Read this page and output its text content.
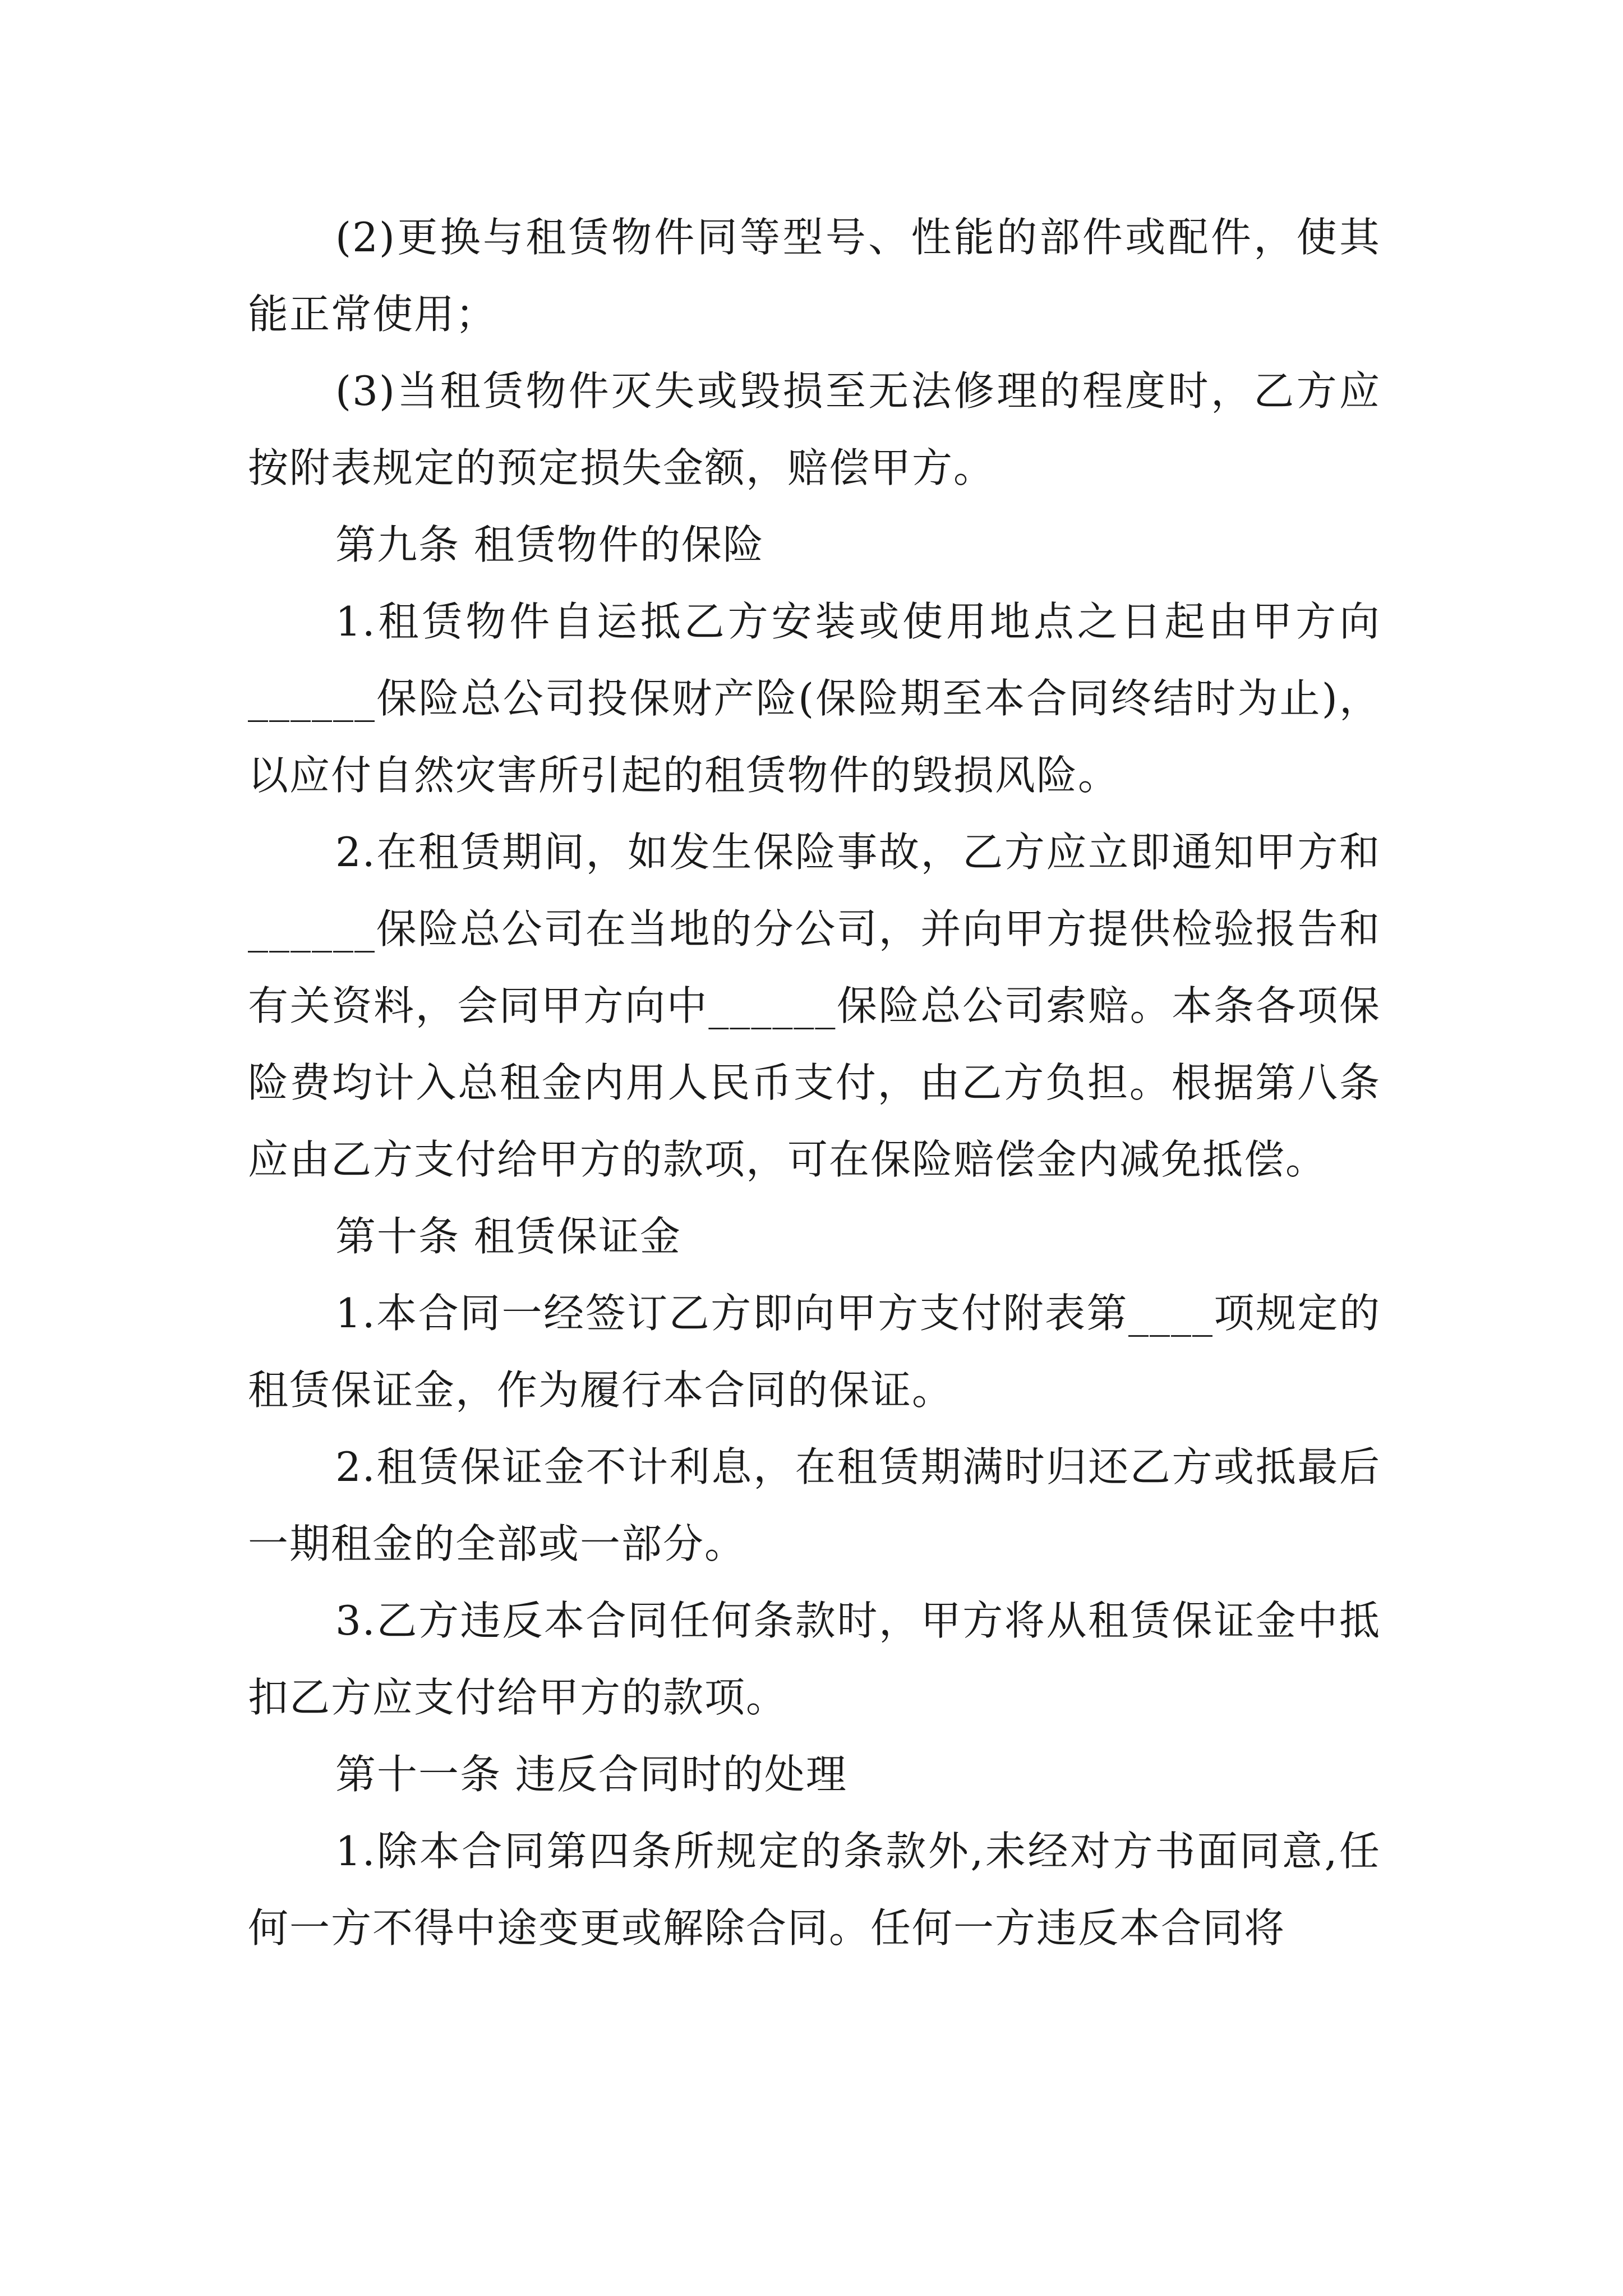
(2)更换与租赁物件同等型号、性能的部件或配件，使其能正常使用；

(3)当租赁物件灭失或毁损至无法修理的程度时，乙方应按附表规定的预定损失金额，赔偿甲方。

第九条 租赁物件的保险

1.租赁物件自运抵乙方安装或使用地点之日起由甲方向______保险总公司投保财产险(保险期至本合同终结时为止)，以应付自然灾害所引起的租赁物件的毁损风险。

2.在租赁期间，如发生保险事故，乙方应立即通知甲方和______保险总公司在当地的分公司，并向甲方提供检验报告和有关资料，会同甲方向中______保险总公司索赔。本条各项保险费均计入总租金内用人民币支付，由乙方负担。根据第八条应由乙方支付给甲方的款项，可在保险赔偿金内减免抵偿。

第十条 租赁保证金

1.本合同一经签订乙方即向甲方支付附表第____项规定的租赁保证金，作为履行本合同的保证。

2.租赁保证金不计利息，在租赁期满时归还乙方或抵最后一期租金的全部或一部分。

3.乙方违反本合同任何条款时，甲方将从租赁保证金中抵扣乙方应支付给甲方的款项。

第十一条 违反合同时的处理

1.除本合同第四条所规定的条款外,未经对方书面同意,任何一方不得中途变更或解除合同。任何一方违反本合同将
